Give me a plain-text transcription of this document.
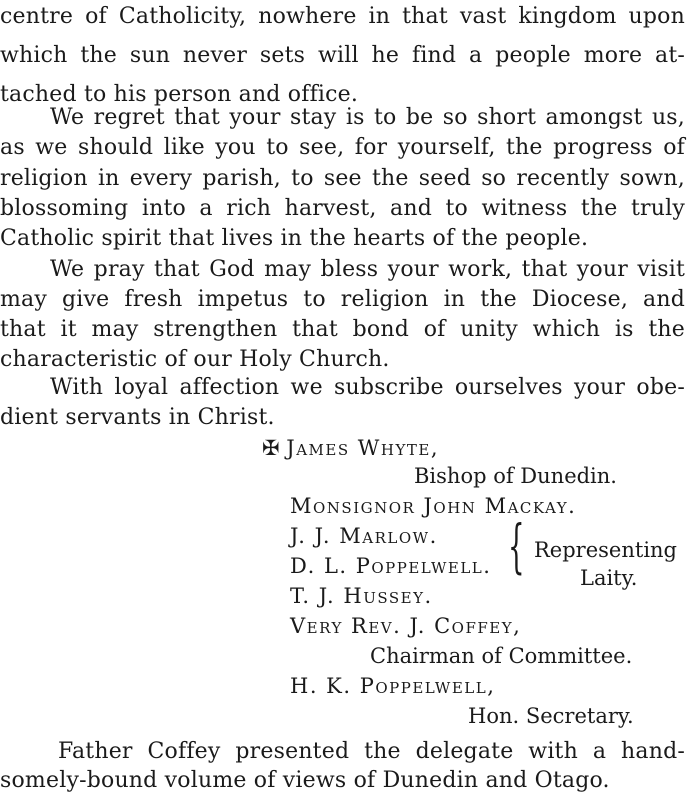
centre of Catholicity, nowhere in that vast kingdom upon
which the sun never sets will he find a people more at-
tached to his person and office.
We regret that your stay is to be so short amongst us,
as we should like you to see, for yourself, the progress of
religion in every parish, to see the seed so recently sown,
blossoming into a rich harvest, and to witness the truly
Catholic spirit that lives in the hearts of the people.
We pray that God may bless your work, that your visit
may give fresh impetus to religion in the Diocese, and
that it may strengthen that bond of unity which is the
characteristic of our Holy Church.
With loyal affection we subscribe ourselves your obe-
dient servants in Christ.
✠ James Whyte,
Bishop of Dunedin.
Monsignor John Mackay.
J. J. Marlow.
D. L. Poppelwell.
T. J. Hussey.
{ Representing
Laity.
Very Rev. J. Coffey,
Chairman of Committee.
H. K. Poppelwell,
Hon. Secretary.
Father Coffey presented the delegate with a hand-
somely-bound volume of views of Dunedin and Otago.
